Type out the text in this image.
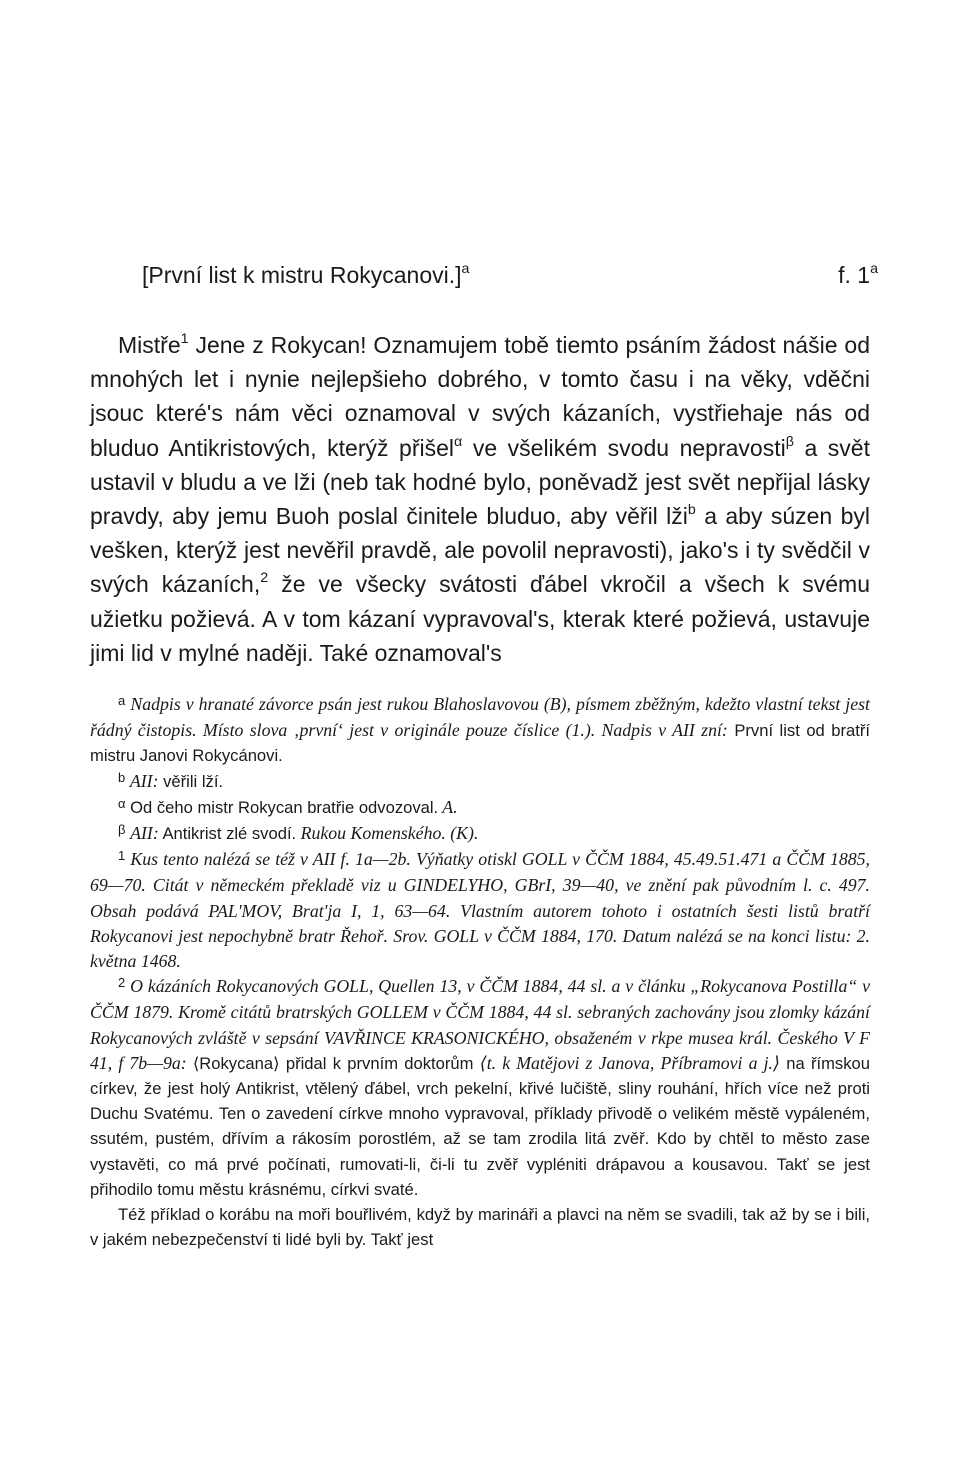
[První list k mistru Rokycanovi.]$^a$	f. 1$^a$

Mistře$^1$ Jene z Rokycan! Oznamujem tobě tiemto psáním žádost nášie od mnohých let i nynie nejlepšieho dobrého, v tomto času i na věky, vděčni jsouc které's nám věci oznamoval v svých kázaních, vystřiehaje nás od bluduo Antikristových, kterýž přišel$^\alpha$ ve všelikém svodu nepravosti$^\beta$ a svět ustavil v bludu a ve lži (neb tak hodné bylo, poněvadž jest svět nepřijal lásky pravdy, aby jemu Buoh poslal činitele bluduo, aby věřil lži$^b$ a aby súzen byl vešken, kterýž jest nevěřil pravdě, ale povolil nepravosti), jako's i ty svědčil v svých kázaních,$^2$ že ve všecky svátosti ďábel vkročil a všech k svému užietku požievá. A v tom kázaní vypravoval's, kterak které požievá, ustavuje jimi lid v mylné naději. Také oznamoval's

$^a$ Nadpis v hranaté závorce psán jest rukou Blahoslavovou (B), písmem zběžným, kdežto vlastní tekst jest řádný čistopis. Místo slova ‚první‘ jest v originále pouze číslice (1.). Nadpis v AII zní: První list od bratří mistru Janovi Rokycánovi.

$^b$ AII: věřili lží.

$^\alpha$ Od čeho mistr Rokycan bratřie odvozoval. A.

$^\beta$ AII: Antikrist zlé svodí. Rukou Komenského. (K).

$^1$ Kus tento nalézá se též v AII f. 1a—2b. Výňatky otiskl GOLL v ČČM 1884, 45.49.51.471 a ČČM 1885, 69—70. Citát v německém překladě viz u GINDELYHO, GBrI, 39—40, ve znění pak původním l. c. 497. Obsah podává PAL'MOV, Brat'ja I, 1, 63—64. Vlastním autorem tohoto i ostatních šesti listů bratří Rokycanovi jest nepochybně bratr Řehoř. Srov. GOLL v ČČM 1884, 170. Datum nalézá se na konci listu: 2. května 1468.

$^2$ O kázáních Rokycanových GOLL, Quellen 13, v ČČM 1884, 44 sl. a v článku „Rokycanova Postilla“ v ČČM 1879. Kromě citátů bratrských GOLLEM v ČČM 1884, 44 sl. sebraných zachovány jsou zlomky kázání Rokycanových zvláště v sepsání VAVŘINCE KRASONICKÉHO, obsaženém v rkpe musea král. Českého V F 41, f 7b—9a: ⟨Rokycana⟩ přidal k prvním doktorům ⟨t. k Matějovi z Janova, Příbramovi a j.⟩ na římskou církev, že jest holý Antikrist, vtělený ďábel, vrch pekelní, křivé lučiště, sliny rouhání, hřích více než proti Duchu Svatému. Ten o zavedení církve mnoho vypravoval, příklady přivodě o velikém městě vypáleném, ssutém, pustém, dřívím a rákosím porostlém, až se tam zrodila litá zvěř. Kdo by chtěl to město zase vystavěti, co má prvé počínati, rumovati-li, či-li tu zvěř vypléniti drápavou a kousavou. Takť se jest přihodilo tomu městu krásnému, církvi svaté.

Též příklad o korábu na moři bouřlivém, když by marináři a plavci na něm se svadili, tak až by se i bili, v jakém nebezpečenství ti lidé byli by. Takť jest
